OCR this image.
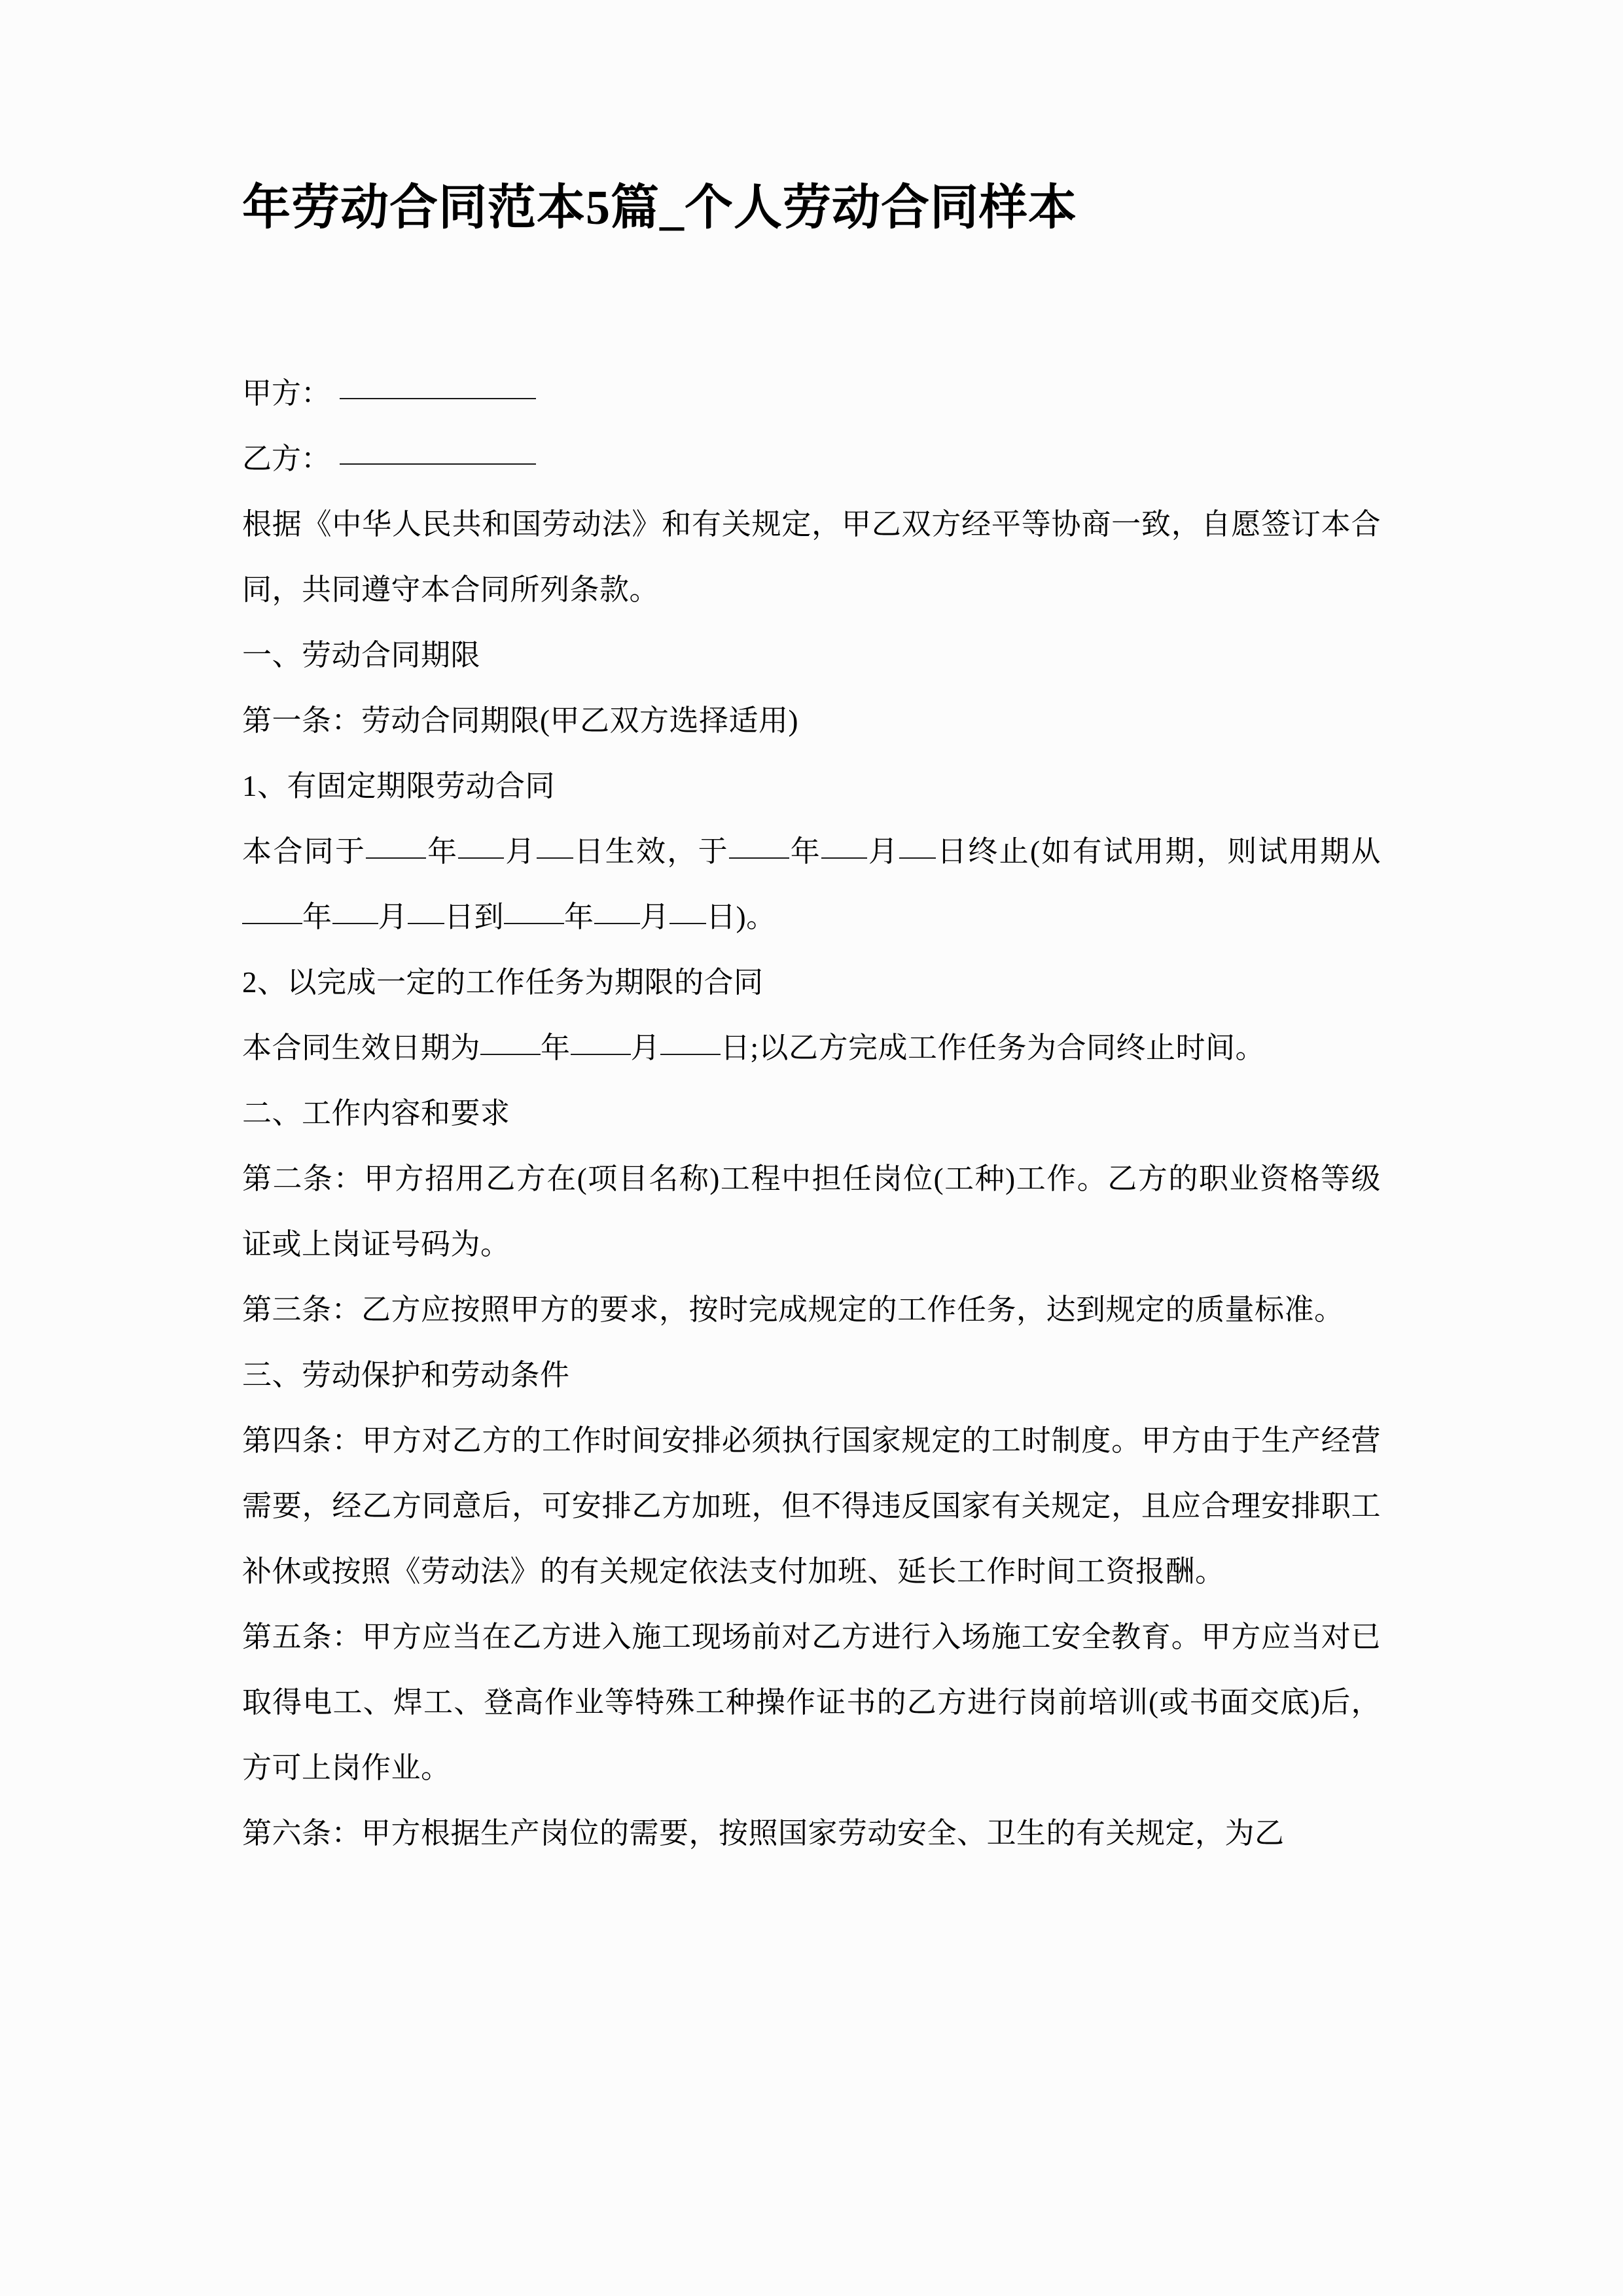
年劳动合同范本5篇_个人劳动合同样本
甲方：
乙方：

根据《中华人民共和国劳动法》和有关规定，甲乙双方经平等协商一致，自愿签订本合同，共同遵守本合同所列条款。

一、劳动合同期限

第一条：劳动合同期限(甲乙双方选择适用)

1、有固定期限劳动合同

本合同于 年 月 日生效，于 年 月 日终止(如有试用期，则试用期从年 月 日到 年 月 日)。

2、以完成一定的工作任务为期限的合同

本合同生效日期为 年 月 日;以乙方完成工作任务为合同终止时间。

二、工作内容和要求

第二条：甲方招用乙方在(项目名称)工程中担任岗位(工种)工作。乙方的职业资格等级证或上岗证号码为。

第三条：乙方应按照甲方的要求，按时完成规定的工作任务，达到规定的质量标准。

三、劳动保护和劳动条件

第四条：甲方对乙方的工作时间安排必须执行国家规定的工时制度。甲方由于生产经营需要，经乙方同意后，可安排乙方加班，但不得违反国家有关规定，且应合理安排职工补休或按照《劳动法》的有关规定依法支付加班、延长工作时间工资报酬。

第五条：甲方应当在乙方进入施工现场前对乙方进行入场施工安全教育。甲方应当对已取得电工、焊工、登高作业等特殊工种操作证书的乙方进行岗前培训(或书面交底)后，方可上岗作业。

第六条：甲方根据生产岗位的需要，按照国家劳动安全、卫生的有关规定，为乙
